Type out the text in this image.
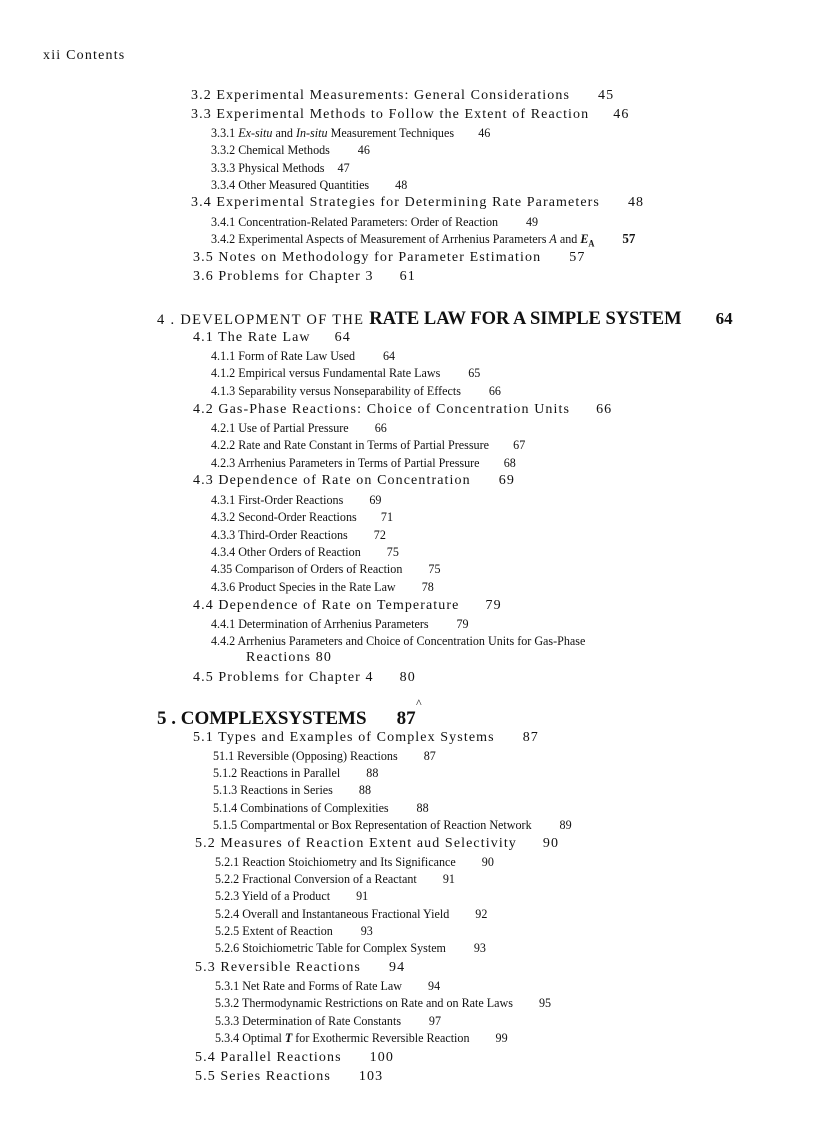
xii Contents
3.2 Experimental Measurements: General Considerations 45
3.3 Experimental Methods to Follow the Extent of Reaction 46
3.3.1 Ex-situ and In-situ Measurement Techniques 46
3.3.2 Chemical Methods 46
3.3.3 Physical Methods 47
3.3.4 Other Measured Quantities 48
3.4 Experimental Strategies for Determining Rate Parameters 48
3.4.1 Concentration-Related Parameters: Order of Reaction 49
3.4.2 Experimental Aspects of Measurement of Arrhenius Parameters A and $E_A$ 57
3.5 Notes on Methodology for Parameter Estimation 57
3.6 Problems for Chapter 3 61
4 . DEVELOPMENT OF THE RATE LAW FOR A SIMPLE SYSTEM 64
4.1 The Rate Law 64
4.1.1 Form of Rate Law Used 64
4.1.2 Empirical versus Fundamental Rate Laws 65
4.1.3 Separability versus Nonseparability of Effects 66
4.2 Gas-Phase Reactions: Choice of Concentration Units 66
4.2.1 Use of Partial Pressure 66
4.2.2 Rate and Rate Constant in Terms of Partial Pressure 67
4.2.3 Arrhenius Parameters in Terms of Partial Pressure 68
4.3 Dependence of Rate on Concentration 69
4.3.1 First-Order Reactions 69
4.3.2 Second-Order Reactions 71
4.3.3 Third-Order Reactions 72
4.3.4 Other Orders of Reaction 75
4.35 Comparison of Orders of Reaction 75
4.3.6 Product Species in the Rate Law 78
4.4 Dependence of Rate on Temperature 79
4.4.1 Determination of Arrhenius Parameters 79
4.4.2 Arrhenius Parameters and Choice of Concentration Units for Gas-Phase
Reactions 80
4.5 Problems for Chapter 4 80
5 . COMPLEXSYSTEMS 87
^
5.1 Types and Examples of Complex Systems 87
51.1 Reversible (Opposing) Reactions 87
5.1.2 Reactions in Parallel 88
5.1.3 Reactions in Series 88
5.1.4 Combinations of Complexities 88
5.1.5 Compartmental or Box Representation of Reaction Network 89
5.2 Measures of Reaction Extent aud Selectivity 90
5.2.1 Reaction Stoichiometry and Its Significance 90
5.2.2 Fractional Conversion of a Reactant 91
5.2.3 Yield of a Product 91
5.2.4 Overall and Instantaneous Fractional Yield 92
5.2.5 Extent of Reaction 93
5.2.6 Stoichiometric Table for Complex System 93
5.3 Reversible Reactions 94
5.3.1 Net Rate and Forms of Rate Law 94
5.3.2 Thermodynamic Restrictions on Rate and on Rate Laws 95
5.3.3 Determination of Rate Constants 97
5.3.4 Optimal T for Exothermic Reversible Reaction 99
5.4 Parallel Reactions 100
5.5 Series Reactions 103
